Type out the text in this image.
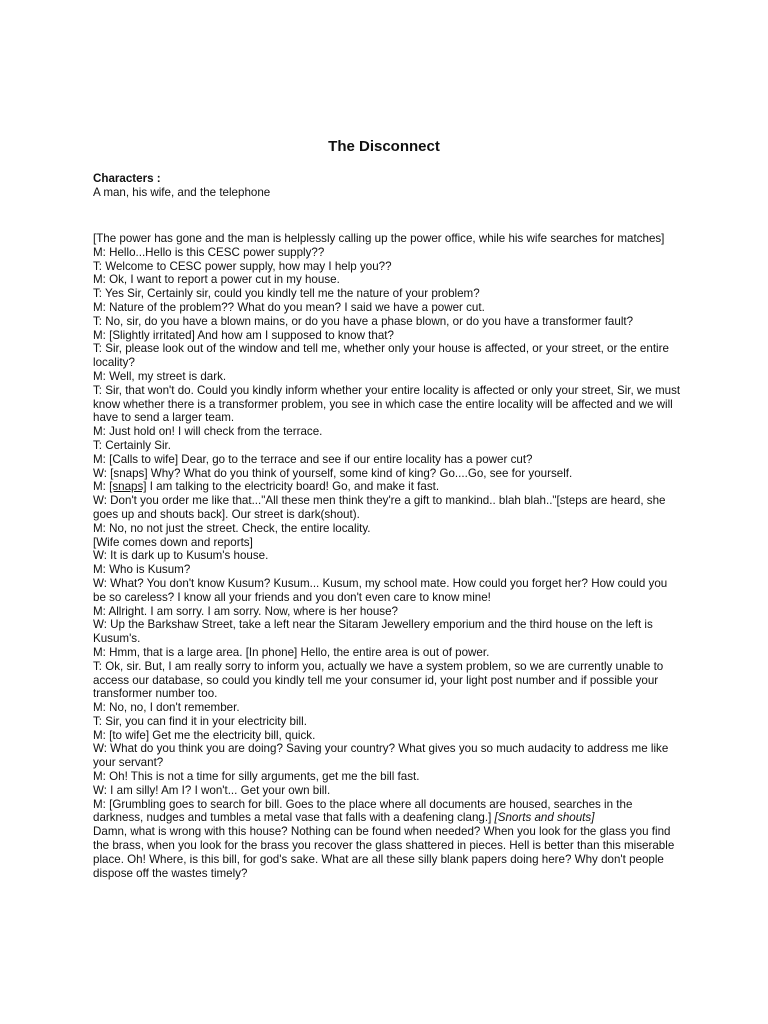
The Disconnect
Characters :
A man, his wife, and the telephone

[The power has gone and the man is helplessly calling up the power office, while his wife searches for matches]

M: Hello...Hello is this CESC power supply??

T: Welcome to CESC power supply, how may I help you??

M: Ok, I want to report a power cut in my house.

T: Yes Sir, Certainly sir, could you kindly tell me the nature of your problem?

M: Nature of the problem?? What do you mean? I said we have a power cut.

T: No, sir, do you have a blown mains, or do you have a phase blown, or do you have a transformer fault?

M: [Slightly irritated] And how am I supposed to know that?

T: Sir, please look out of the window and tell me, whether only your house is affected, or your street, or the entire locality?

M: Well, my street is dark.

T: Sir, that won't do. Could you kindly inform whether your entire locality is affected or only your street, Sir, we must know whether there is a transformer problem, you see in which case the entire locality will be affected and we will have to send a larger team.

M: Just hold on! I will check from the terrace.

T: Certainly Sir.

M: [Calls to wife] Dear, go to the terrace and see if our entire locality has a power cut?

W: [snaps] Why? What do you think of yourself, some kind of king? Go....Go, see for yourself.

M: [snaps] I am talking to the electricity board! Go, and make it fast.

W: Don't you order me like that..."All these men think they're a gift to mankind.. blah blah.."[steps are heard, she goes up and shouts back]. Our street is dark(shout).

M: No, no not just the street. Check, the entire locality.

[Wife comes down and reports]

W: It is dark up to Kusum's house.

M: Who is Kusum?

W: What? You don't know Kusum? Kusum... Kusum, my school mate. How could you forget her? How could you be so careless? I know all your friends and you don't even care to know mine!

M: Allright. I am sorry. I am sorry. Now, where is her house?

W: Up the Barkshaw Street, take a left near the Sitaram Jewellery emporium and the third house on the left is Kusum's.

M: Hmm, that is a large area. [In phone] Hello, the entire area is out of power.

T: Ok, sir. But, I am really sorry to inform you, actually we have a system problem, so we are currently unable to access our database, so could you kindly tell me your consumer id, your light post number and if possible your transformer number too.

M: No, no, I don't remember.

T: Sir, you can find it in your electricity bill.

M: [to wife] Get me the electricity bill, quick.

W: What do you think you are doing? Saving your country? What gives you so much audacity to address me like your servant?

M: Oh! This is not a time for silly arguments, get me the bill fast.

W: I am silly! Am I? I won't... Get your own bill.

M: [Grumbling goes to search for bill. Goes to the place where all documents are housed, searches in the darkness, nudges and tumbles a metal vase that falls with a deafening clang.] [Snorts and shouts]

Damn, what is wrong with this house? Nothing can be found when needed? When you look for the glass you find the brass, when you look for the brass you recover the glass shattered in pieces. Hell is better than this miserable place. Oh! Where, is this bill, for god's sake. What are all these silly blank papers doing here? Why don't people dispose off the wastes timely?
